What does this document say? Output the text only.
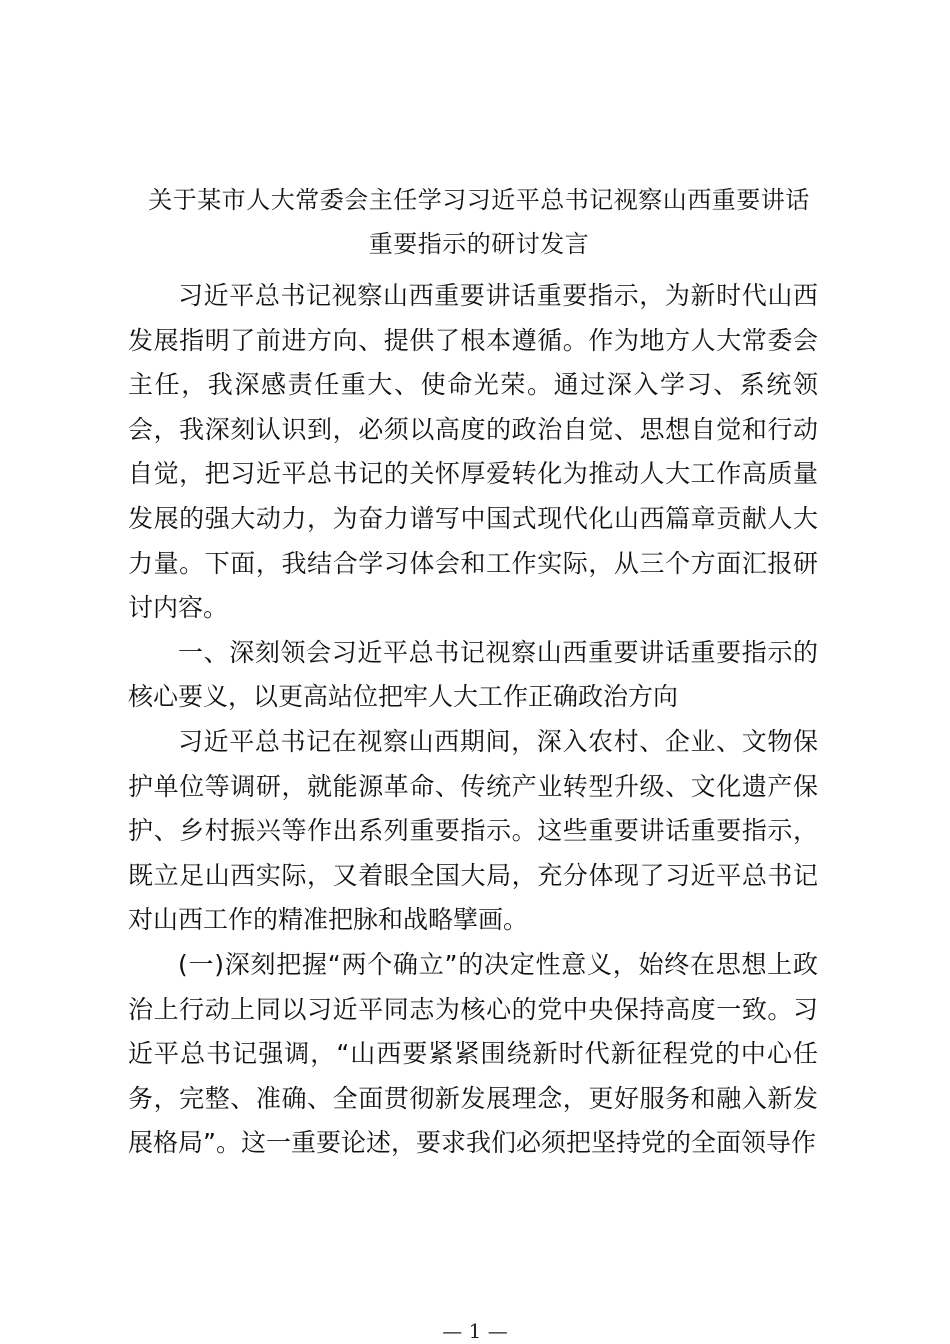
关于某市人大常委会主任学习习近平总书记视察山西重要讲话
重要指示的研讨发言

习近平总书记视察山西重要讲话重要指示，为新时代山西发展指明了前进方向、提供了根本遵循。作为地方人大常委会主任，我深感责任重大、使命光荣。通过深入学习、系统领会，我深刻认识到，必须以高度的政治自觉、思想自觉和行动自觉，把习近平总书记的关怀厚爱转化为推动人大工作高质量发展的强大动力，为奋力谱写中国式现代化山西篇章贡献人大力量。下面，我结合学习体会和工作实际，从三个方面汇报研讨内容。

一、深刻领会习近平总书记视察山西重要讲话重要指示的核心要义，以更高站位把牢人大工作正确政治方向

习近平总书记在视察山西期间，深入农村、企业、文物保护单位等调研，就能源革命、传统产业转型升级、文化遗产保护、乡村振兴等作出系列重要指示。这些重要讲话重要指示，既立足山西实际，又着眼全国大局，充分体现了习近平总书记对山西工作的精准把脉和战略擘画。

(一)深刻把握“两个确立”的决定性意义，始终在思想上政治上行动上同以习近平同志为核心的党中央保持高度一致。习近平总书记强调，“山西要紧紧围绕新时代新征程党的中心任务，完整、准确、全面贯彻新发展理念，更好服务和融入新发展格局”。这一重要论述，要求我们必须把坚持党的全面领导作

— 1 —
